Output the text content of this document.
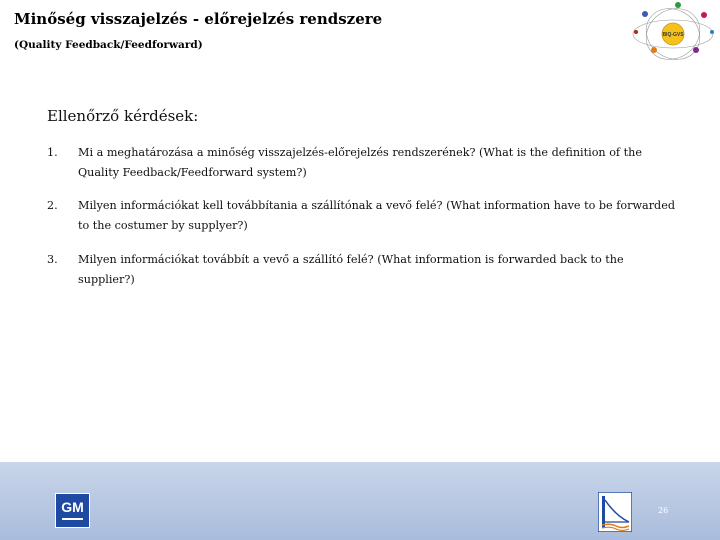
Minőség visszajelzés - előrejelzés rendszere
(Quality Feedback/Feedforward)
BIQ-GVS
Ellenőrző kérdések:
1.	Mi a meghatározása a minőség visszajelzés-előrejelzés rendszerének? (What is the definition of the Quality Feedback/Feedforward system?)
2.	Milyen információkat kell továbbítania a szállítónak a vevő felé? (What information have to be forwarded to the costumer by supplyer?)
3.	Milyen információkat továbbít a vevő a szállító felé? (What information is forwarded back to the supplier?)
GM	26
